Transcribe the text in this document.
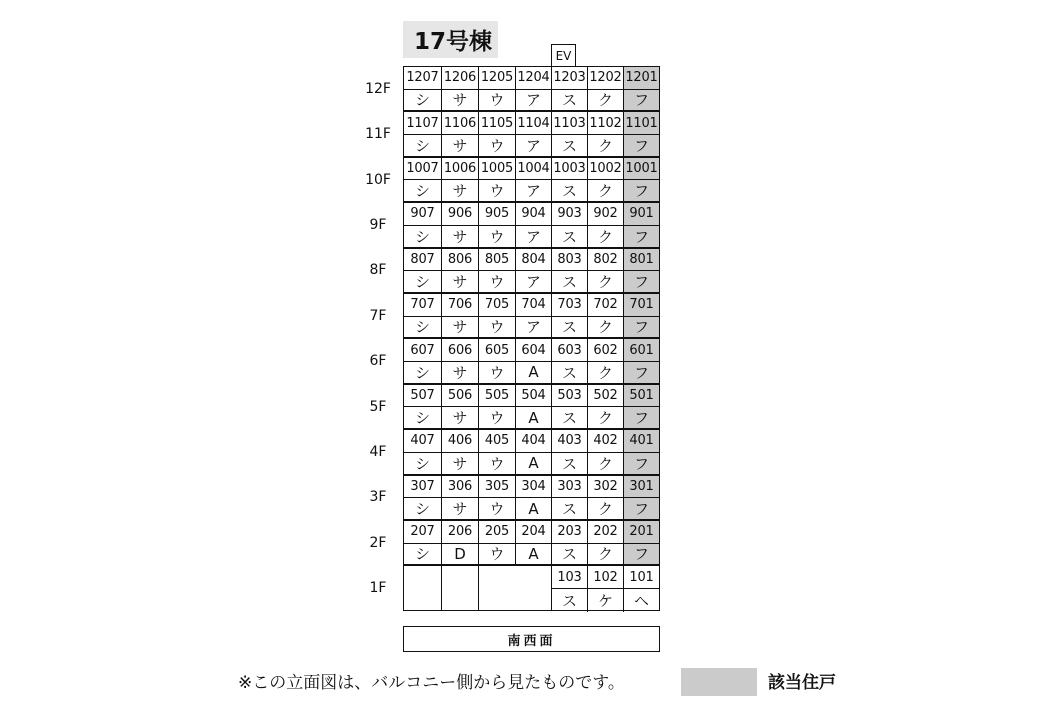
17号棟
EV
12F
11F
10F
9F
8F
7F
6F
5F
4F
3F
2F
1F
1207
シ
1206
サ
1205
ウ
1204
ア
1203
ス
1202
ク
1201
フ
1107
シ
1106
サ
1105
ウ
1104
ア
1103
ス
1102
ク
1101
フ
1007
シ
1006
サ
1005
ウ
1004
ア
1003
ス
1002
ク
1001
フ
907
シ
906
サ
905
ウ
904
ア
903
ス
902
ク
901
フ
807
シ
806
サ
805
ウ
804
ア
803
ス
802
ク
801
フ
707
シ
706
サ
705
ウ
704
ア
703
ス
702
ク
701
フ
607
シ
606
サ
605
ウ
604
A
603
ス
602
ク
601
フ
507
シ
506
サ
505
ウ
504
A
503
ス
502
ク
501
フ
407
シ
406
サ
405
ウ
404
A
403
ス
402
ク
401
フ
307
シ
306
サ
305
ウ
304
A
303
ス
302
ク
301
フ
207
シ
206
D
205
ウ
204
A
203
ス
202
ク
201
フ
103
ス
102
ケ
101
ヘ
南西面
※この立面図は、バルコニー側から見たものです。	該当住戸
